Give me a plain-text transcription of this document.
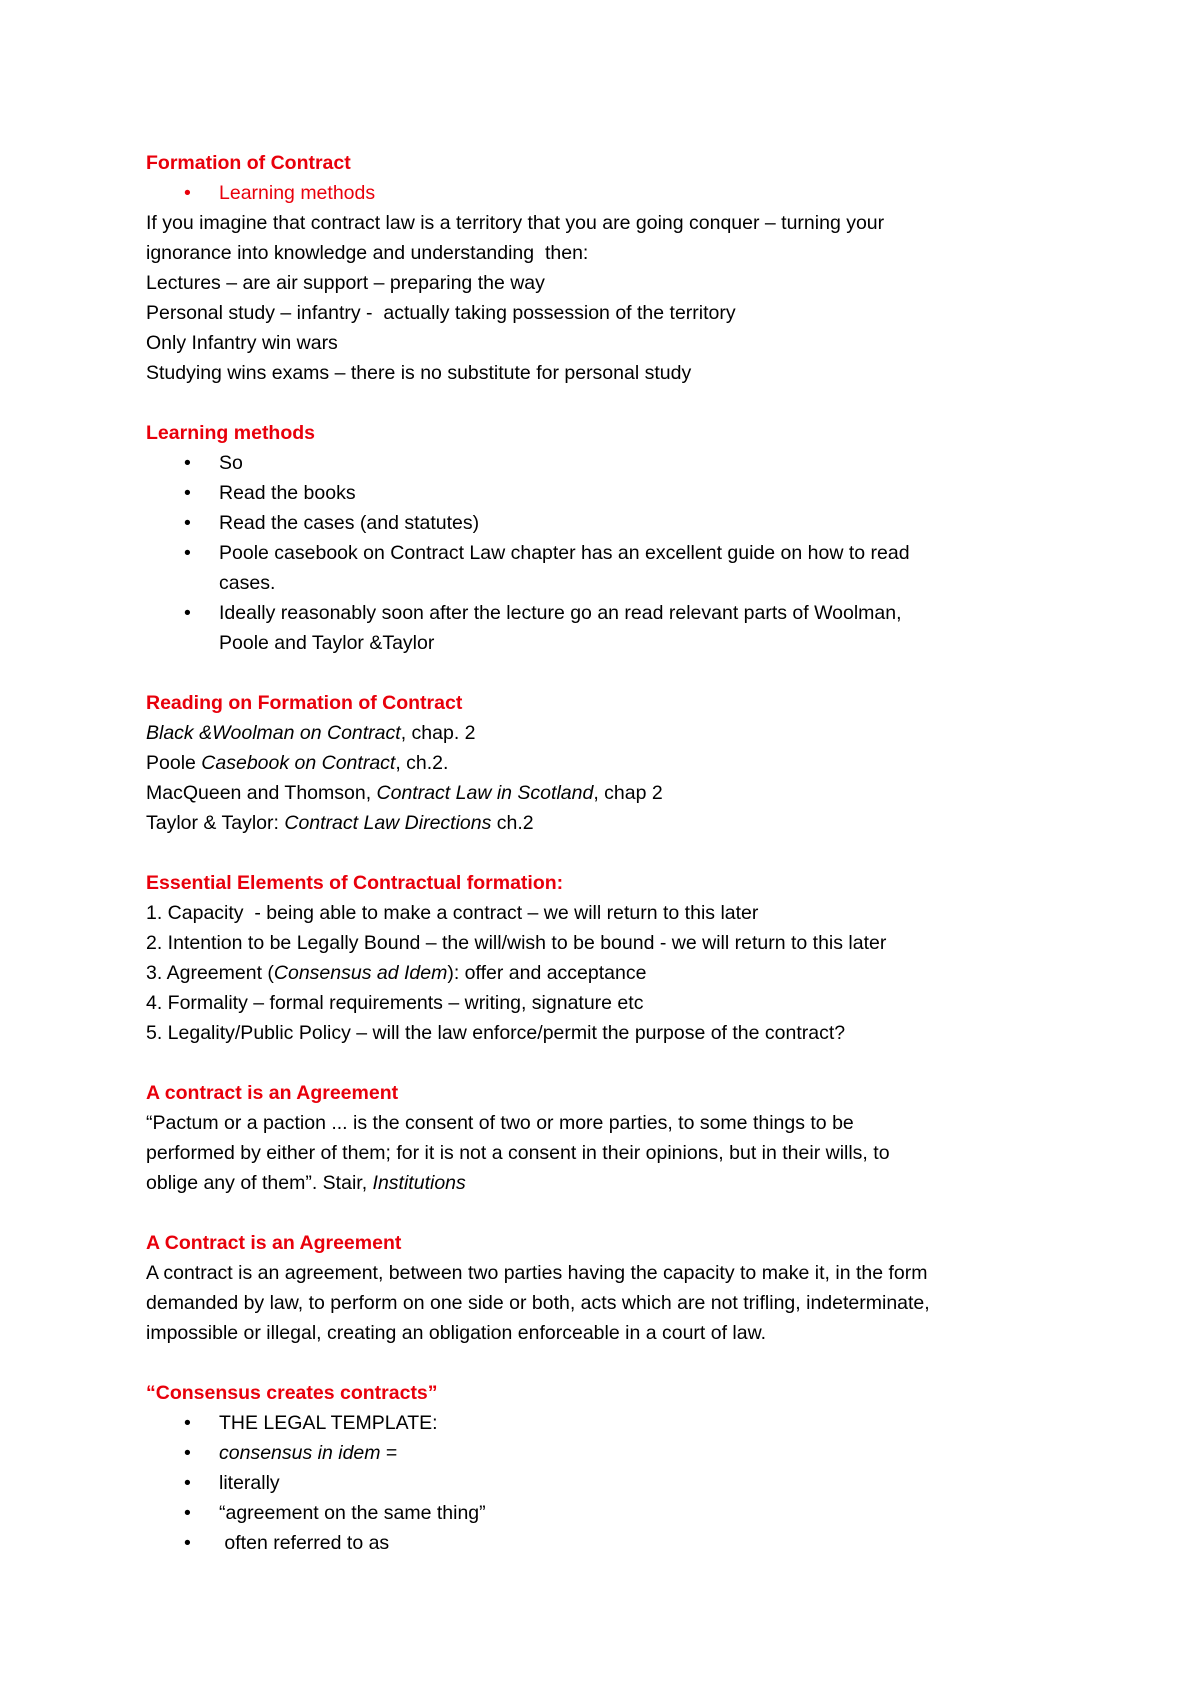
Formation of Contract
• Learning methods
If you imagine that contract law is a territory that you are going conquer – turning your
ignorance into knowledge and understanding  then:
Lectures – are air support – preparing the way
Personal study – infantry -  actually taking possession of the territory
Only Infantry win wars
Studying wins exams – there is no substitute for personal study
Learning methods
• So
• Read the books
• Read the cases (and statutes)
• Poole casebook on Contract Law chapter has an excellent guide on how to read cases.
• Ideally reasonably soon after the lecture go an read relevant parts of Woolman, Poole and Taylor &Taylor
Reading on Formation of Contract
Black &Woolman on Contract, chap. 2
Poole Casebook on Contract, ch.2.
MacQueen and Thomson, Contract Law in Scotland, chap 2
Taylor & Taylor: Contract Law Directions ch.2
Essential Elements of Contractual formation:
1. Capacity  - being able to make a contract – we will return to this later
2. Intention to be Legally Bound – the will/wish to be bound - we will return to this later
3. Agreement (Consensus ad Idem): offer and acceptance
4. Formality – formal requirements – writing, signature etc
5. Legality/Public Policy – will the law enforce/permit the purpose of the contract?
A contract is an Agreement
“Pactum or a paction ... is the consent of two or more parties, to some things to be
performed by either of them; for it is not a consent in their opinions, but in their wills, to
oblige any of them”. Stair, Institutions
A Contract is an Agreement
A contract is an agreement, between two parties having the capacity to make it, in the form
demanded by law, to perform on one side or both, acts which are not trifling, indeterminate,
impossible or illegal, creating an obligation enforceable in a court of law.
“Consensus creates contracts”
• THE LEGAL TEMPLATE:
• consensus in idem =
• literally
• “agreement on the same thing”
•  often referred to as
